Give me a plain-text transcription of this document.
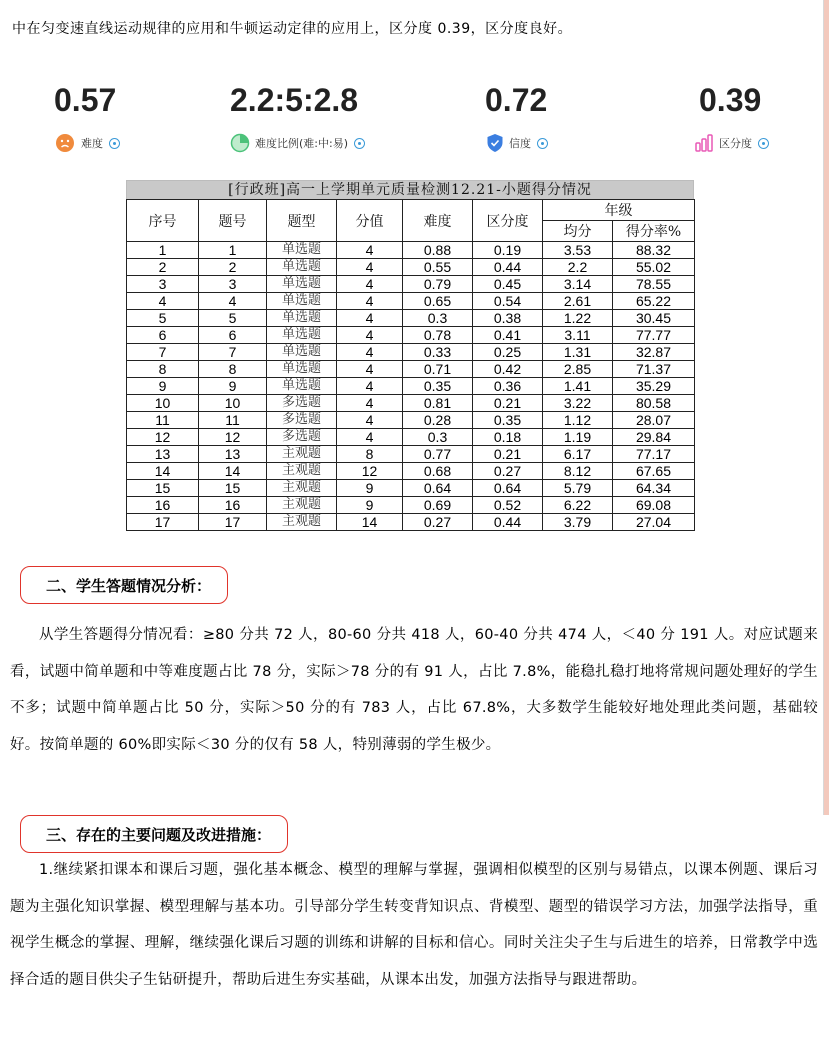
中在匀变速直线运动规律的应用和牛顿运动定律的应用上，区分度 0.39，区分度良好。
0.57
难度
2.2:5:2.8
难度比例(难:中:易)
0.72
信度
0.39
区分度
[行政班]高一上学期单元质量检测12.21-小题得分情况
序号	题号	题型	分值	难度	区分度	年级	
						均分	得分率%
1	1	单选题	4	0.88	0.19	3.53	88.32
2	2	单选题	4	0.55	0.44	2.2	55.02
3	3	单选题	4	0.79	0.45	3.14	78.55
4	4	单选题	4	0.65	0.54	2.61	65.22
5	5	单选题	4	0.3	0.38	1.22	30.45
6	6	单选题	4	0.78	0.41	3.11	77.77
7	7	单选题	4	0.33	0.25	1.31	32.87
8	8	单选题	4	0.71	0.42	2.85	71.37
9	9	单选题	4	0.35	0.36	1.41	35.29
10	10	多选题	4	0.81	0.21	3.22	80.58
11	11	多选题	4	0.28	0.35	1.12	28.07
12	12	多选题	4	0.3	0.18	1.19	29.84
13	13	主观题	8	0.77	0.21	6.17	77.17
14	14	主观题	12	0.68	0.27	8.12	67.65
15	15	主观题	9	0.64	0.64	5.79	64.34
16	16	主观题	9	0.69	0.52	6.22	69.08
17	17	主观题	14	0.27	0.44	3.79	27.04
二、学生答题情况分析：

从学生答题得分情况看：≥80 分共 72 人，80-60 分共 418 人，60-40 分共 474 人，＜40 分 191 人。对应试题来看，试题中简单题和中等难度题占比 78 分，实际＞78 分的有 91 人，占比 7.8%，能稳扎稳打地将常规问题处理好的学生不多；试题中简单题占比 50 分，实际＞50 分的有 783 人，占比 67.8%，大多数学生能较好地处理此类问题，基础较好。按简单题的 60%即实际＜30 分的仅有 58 人，特别薄弱的学生极少。

三、存在的主要问题及改进措施：

1.继续紧扣课本和课后习题，强化基本概念、模型的理解与掌握，强调相似模型的区别与易错点，以课本例题、课后习题为主强化知识掌握、模型理解与基本功。引导部分学生转变背知识点、背模型、题型的错误学习方法，加强学法指导，重视学生概念的掌握、理解，继续强化课后习题的训练和讲解的目标和信心。同时关注尖子生与后进生的培养，日常教学中选择合适的题目供尖子生钻研提升，帮助后进生夯实基础，从课本出发，加强方法指导与跟进帮助。
